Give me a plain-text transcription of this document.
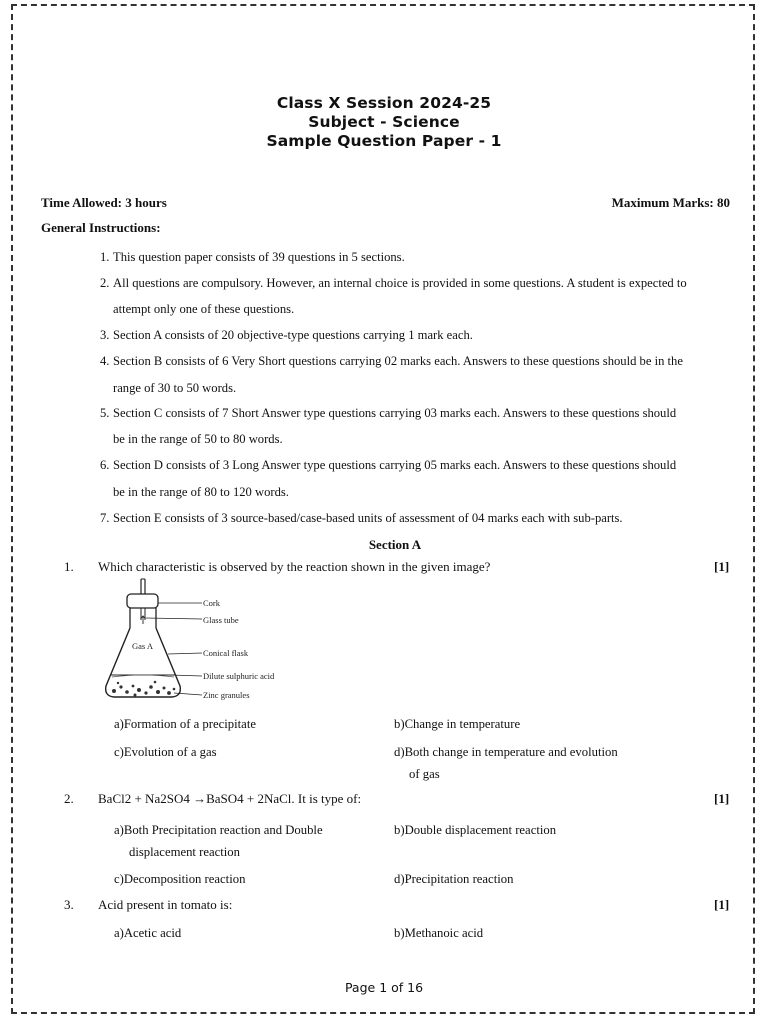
Class X Session 2024-25
Subject - Science
Sample Question Paper - 1
Time Allowed: 3 hours	Maximum Marks: 80
General Instructions:
1. This question paper consists of 39 questions in 5 sections.
2. All questions are compulsory. However, an internal choice is provided in some questions. A student is expected to
attempt only one of these questions.
3. Section A consists of 20 objective-type questions carrying 1 mark each.
4. Section B consists of 6 Very Short questions carrying 02 marks each. Answers to these questions should be in the
range of 30 to 50 words.
5. Section C consists of 7 Short Answer type questions carrying 03 marks each. Answers to these questions should
be in the range of 50 to 80 words.
6. Section D consists of 3 Long Answer type questions carrying 05 marks each. Answers to these questions should
be in the range of 80 to 120 words.
7. Section E consists of 3 source-based/case-based units of assessment of 04 marks each with sub-parts.
Section A
1. Which characteristic is observed by the reaction shown in the given image?	[1]
Gas A
Cork
Glass tube
Conical flask
Dilute sulphuric acid
Zinc granules
a)Formation of a precipitate	b)Change in temperature
c)Evolution of a gas	d)Both change in temperature and evolution
of gas
2. BaCl2 + Na2SO4 →BaSO4 + 2NaCl. It is type of:	[1]
a)Both Precipitation reaction and Double
displacement reaction
b)Double displacement reaction
c)Decomposition reaction	d)Precipitation reaction
3. Acid present in tomato is:	[1]
a)Acetic acid	b)Methanoic acid
Page 1 of 16
